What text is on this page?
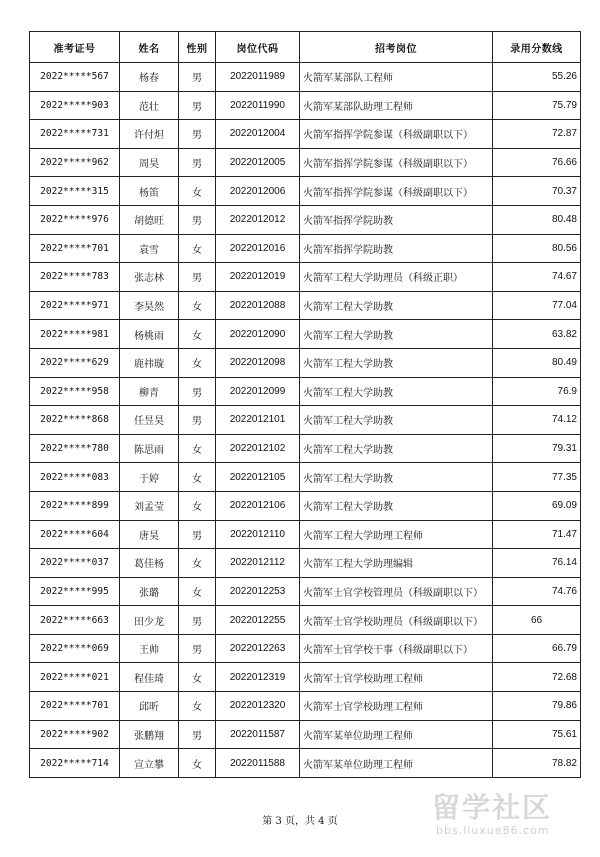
准考证号	姓名	性别	岗位代码	招考岗位	录用分数线
2022*****567	杨春	男	2022011989	火箭军某部队工程师	55.26
2022*****903	范壮	男	2022011990	火箭军某部队助理工程师	75.79
2022*****731	许付炟	男	2022012004	火箭军指挥学院参谋（科级副职以下）	72.87
2022*****962	周昊	男	2022012005	火箭军指挥学院参谋（科级副职以下）	76.66
2022*****315	杨笛	女	2022012006	火箭军指挥学院参谋（科级副职以下）	70.37
2022*****976	胡德旺	男	2022012012	火箭军指挥学院助教	80.48
2022*****701	袁雪	女	2022012016	火箭军指挥学院助教	80.56
2022*****783	张志林	男	2022012019	火箭军工程大学助理员（科级正职）	74.67
2022*****971	李昊然	女	2022012088	火箭军工程大学助教	77.04
2022*****981	杨桃雨	女	2022012090	火箭军工程大学助教	63.82
2022*****629	鹿祎璇	女	2022012098	火箭军工程大学助教	80.49
2022*****958	柳青	男	2022012099	火箭军工程大学助教	76.9
2022*****868	任昱昊	男	2022012101	火箭军工程大学助教	74.12
2022*****780	陈思雨	女	2022012102	火箭军工程大学助教	79.31
2022*****083	于婷	女	2022012105	火箭军工程大学助教	77.35
2022*****899	刘孟莹	女	2022012106	火箭军工程大学助教	69.09
2022*****604	唐昊	男	2022012110	火箭军工程大学助理工程师	71.47
2022*****037	葛佳杨	女	2022012112	火箭军工程大学助理编辑	76.14
2022*****995	张璐	女	2022012253	火箭军士官学校管理员（科级副职以下）	74.76
2022*****663	田少龙	男	2022012255	火箭军士官学校助理员（科级副职以下）	66
2022*****069	王帅	男	2022012263	火箭军士官学校干事（科级副职以下）	66.79
2022*****021	程佳琦	女	2022012319	火箭军士官学校助理工程师	72.68
2022*****701	邱昕	女	2022012320	火箭军士官学校助理工程师	79.86
2022*****902	张鹏翔	男	2022011587	火箭军某单位助理工程师	75.61
2022*****714	宣立攀	女	2022011588	火箭军某单位助理工程师	78.82
第 3 页，共 4 页	留学社区
bbs.liuxue86.com
